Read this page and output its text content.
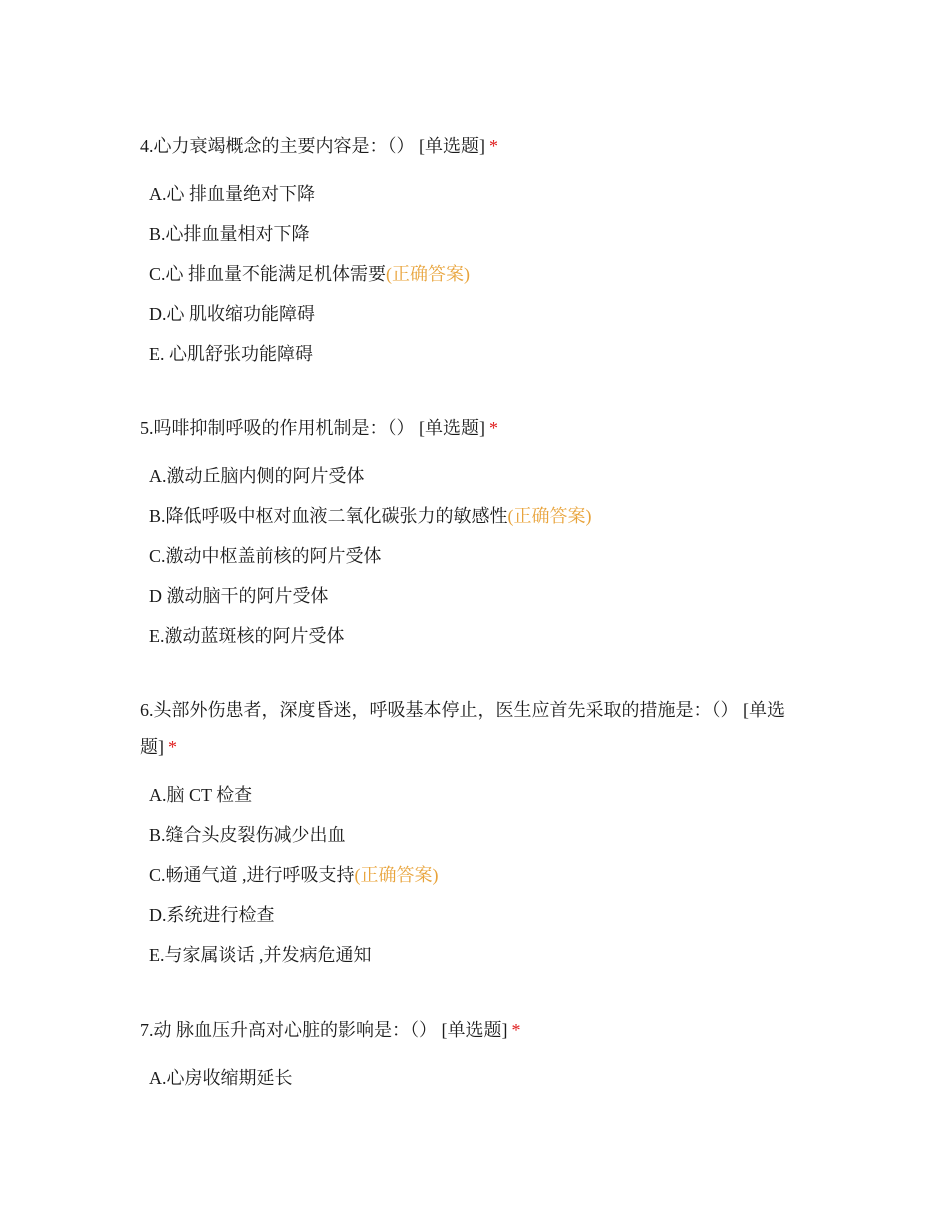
4.心力衰竭概念的主要内容是：（） [单选题] *

A.心 排血量绝对下降
B.心排血量相对下降
C.心 排血量不能满足机体需要(正确答案)
D.心 肌收缩功能障碍
E. 心肌舒张功能障碍

5.吗啡抑制呼吸的作用机制是：（） [单选题] *

A.激动丘脑内侧的阿片受体
B.降低呼吸中枢对血液二氧化碳张力的敏感性(正确答案)
C.激动中枢盖前核的阿片受体
D 激动脑干的阿片受体
E.激动蓝斑核的阿片受体

6.头部外伤患者，深度昏迷，呼吸基本停止，医生应首先采取的措施是：（） [单选题] *

A.脑 CT 检查
B.缝合头皮裂伤减少出血
C.畅通气道 ,进行呼吸支持(正确答案)
D.系统进行检查
E.与家属谈话 ,并发病危通知

7.动 脉血压升高对心脏的影响是：（） [单选题] *

A.心房收缩期延长
